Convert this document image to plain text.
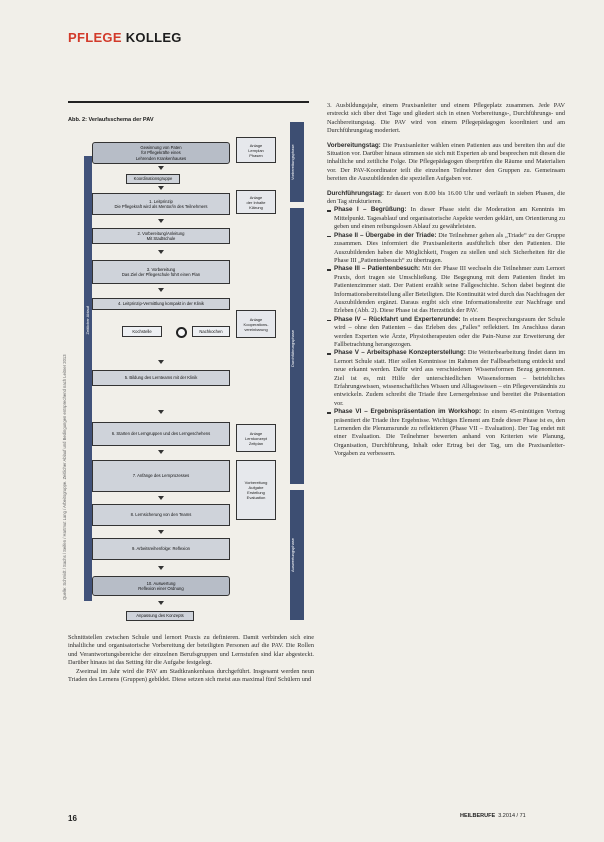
PFLEGE KOLLEG
Abb. 2: Verlaufsschema der PAV
Quelle: Schmidt / Sachs / Seifen / Hartmut Lang / Arbeitsgruppe. Zeitlicher Ablauf und Bedingungen entsprechend nach Leitner 2013
Zeitlicher Ablauf
Gewinnung von Paten
für Pflegekräfte eines
Lehrenden Krankenhauses
Koordinationsgruppe
1. Leitprinzip
Die Pflegekraft wird als Mentor/in des Teilnehmers
2. Vorbereitung/Anleitung
Mit Stadtschule
3. Vorbereitung
Das Ziel der Pflegeschule führt einen Plan
4. Leitprinzip-Vermittlung kompakt in der Klinik
Kochstelle	Nachkochen
5. Bildung des Lernteams mit der Klinik
6. Starten der Lerngruppen und des Lerngeschehens
7. Anfänge des Lernprozesses
8. Lernsicherung von den Teams
9. Arbeitsreihenfolge: Reflexion
10. Auswertung
Reflexion einer Ordnung
Anpassung des Konzepts
Anlage
Lernplan
Phasen
Anlage
der Inhalte
Klärung
Anlage
Kooperations-
vereinbarung
Anlage
Lernkonzept
Zeitplan
Vorbereitung
Aufgabe
Erstellung
Evaluation
Vorbereitungsphase
Durchführungsphase
Auswertungsphase
Schnittstellen zwischen Schule und lernort Praxis zu definieren. Damit verbinden sich eine inhaltliche und organisatorische Vorbereitung der beteiligten Personen auf die PAV. Die Rollen und Verantwortungsbereiche der einzelnen Berufsgruppen und Lernstufen sind klar abgesteckt. Darüber hinaus ist das Setting für die Aufgabe festgelegt.
Zweimal im Jahr wird die PAV am Stadtkrankenhaus durchgeführt. Insgesamt werden neun Triaden des Lernens (Gruppen) gebildet. Diese setzen sich meist aus maximal fünf Schülern und
3. Ausbildungsjahr, einem Praxisanleiter und einem Pflegeplatz zusammen. Jede PAV erstreckt sich über drei Tage und gliedert sich in einen Vorbereitungs-, Durchführungs- und Nachbereitungstag. Die PAV wird von einem Pflegepädagogen koordiniert und am Durchführungstag moderiert.
Vorbereitungstag: Die Praxisanleiter wählen einen Patienten aus und bereiten ihn auf die Situation vor. Darüber hinaus stimmen sie sich mit Experten ab und besprechen mit diesen die inhaltliche und zeitliche Folge. Die Pflegepädagogen überprüfen die Räume und Materialien vor. Der PAV-Koordinator teilt die einzelnen Teilnehmer den Gruppen zu. Gemeinsam bereiten die Auszubildenden die speziellen Aufgaben vor.
Durchführungstag: Er dauert von 8.00 bis 16.00 Uhr und verläuft in sieben Phasen, die den Tag strukturieren.
Phase I – Begrüßung: In dieser Phase steht die Moderation am Kenntnis im Mittelpunkt. Tagesablauf und organisatorische Aspekte werden geklärt, um Orientierung zu geben und einen reibungslosen Ablauf zu gewährleisten.
Phase II – Übergabe in der Triade: Die Teilnehmer gehen als „Triade“ zu der Gruppe zusammen. Dies informiert die Praxisanleiterin ausführlich über den Patienten. Die Auszubildenden haben die Möglichkeit, Fragen zu stellen und sich Sicherheiten für die Phase III „Patientenbesuch“ zu übertragen.
Phase III – Patientenbesuch: Mit der Phase III wechseln die Teilnehmer zum Lernort Praxis, dort tragen sie Umschließung. Die Begegnung mit dem Patienten findet im Patientenzimmer statt. Der Patient erzählt seine Fallgeschichte. Schon dabei beginnt die Informationsbereitstellung aller Beteiligten. Die Kontinuität wird durch das Nachfragen der Auszubildenden ergänzt. Daraus ergibt sich eine Informationsbreite zur Nachfrage und Erleben (Abb. 2). Diese Phase ist das Herzstück der PAV.
Phase IV – Rückfahrt und Expertenrunde: In einem Besprechungsraum der Schule wird – ohne den Patienten – das Erleben des „Falles“ reflektiert. Im Anschluss daran werden Experten wie Ärzte, Physiotherapeuten oder die Pain-Nurse zur Erweiterung der Fallbetrachtung herangezogen.
Phase V – Arbeitsphase Konzepterstellung: Die Weiterbearbeitung findet dann im Lernort Schule statt. Hier sollen Kenntnisse im Rahmen der Fallbearbeitung entdeckt und neue erkannt werden. Dafür wird aus verschiedenen Wissensformen Bezug genommen. Ziel ist es, mit Hilfe der unterschiedlichen Wissensformen – betriebliches Erfahrungswissen, wissenschaftliches Wissen und Alltagswissen – ein Pflegeverständnis zu entwickeln. Zudem schreibt die Triade ihre Lernergebnisse und bereitet die Präsentation vor.
Phase VI – Ergebnispräsentation im Workshop: In einem 45-minütigen Vortrag präsentiert die Triade ihre Ergebnisse. Wichtiges Element am Ende dieser Phase ist es, den Lernenden die Plenumsrunde zu reflektieren (Phase VII – Evaluation). Der Tag endet mit einer Evaluation. Die Teilnehmer bewerten anhand von Kriterien wie Planung, Organisation, Durchführung, Inhalt oder Ertrag bei der Tag, um die Praxisanleiter-Vorgaben zu verbessern.
16	HEILBERUFE 3.2014 / 71
